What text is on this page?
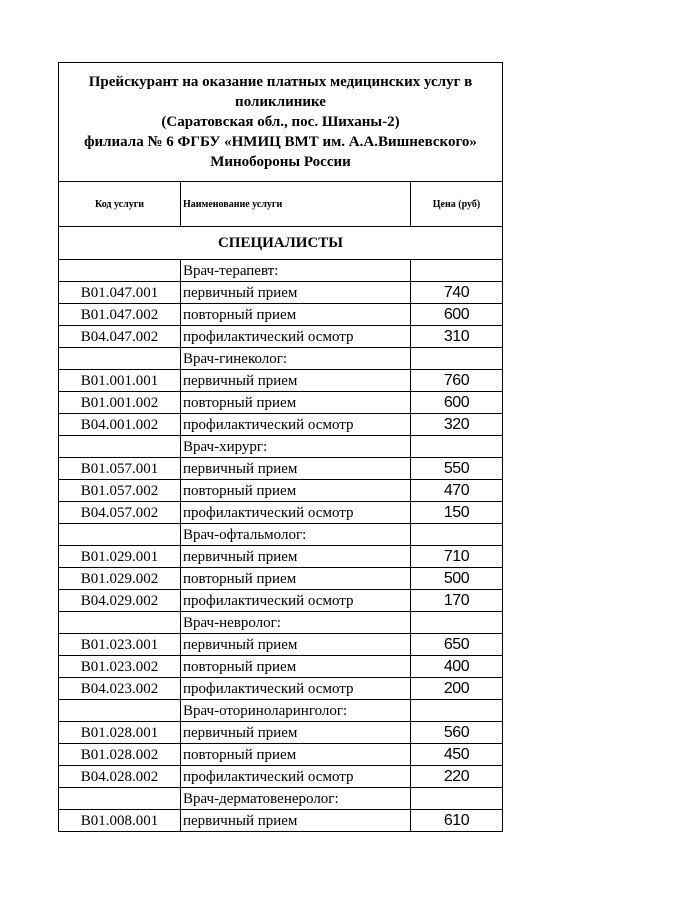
Прейскурант на оказание платных медицинских услуг в
поликлинике
(Саратовская обл., пос. Шиханы-2)
филиала № 6 ФГБУ «НМИЦ ВМТ им. А.А.Вишневского»
Минобороны России		

Код услуги	Наименование услуги	Цена (руб)
СПЕЦИАЛИСТЫ		
	Врач-терапевт:	
B01.047.001	первичный прием	740
B01.047.002	повторный прием	600
B04.047.002	профилактический осмотр	310
	Врач-гинеколог:	
B01.001.001	первичный прием	760
B01.001.002	повторный прием	600
B04.001.002	профилактический осмотр	320
	Врач-хирург:	
B01.057.001	первичный прием	550
B01.057.002	повторный прием	470
B04.057.002	профилактический осмотр	150
	Врач-офтальмолог:	
B01.029.001	первичный прием	710
B01.029.002	повторный прием	500
B04.029.002	профилактический осмотр	170
	Врач-невролог:	
B01.023.001	первичный прием	650
B01.023.002	повторный прием	400
B04.023.002	профилактический осмотр	200
	Врач-оториноларинголог:	
B01.028.001	первичный прием	560
B01.028.002	повторный прием	450
B04.028.002	профилактический осмотр	220
	Врач-дерматовенеролог:	
B01.008.001	первичный прием	610
